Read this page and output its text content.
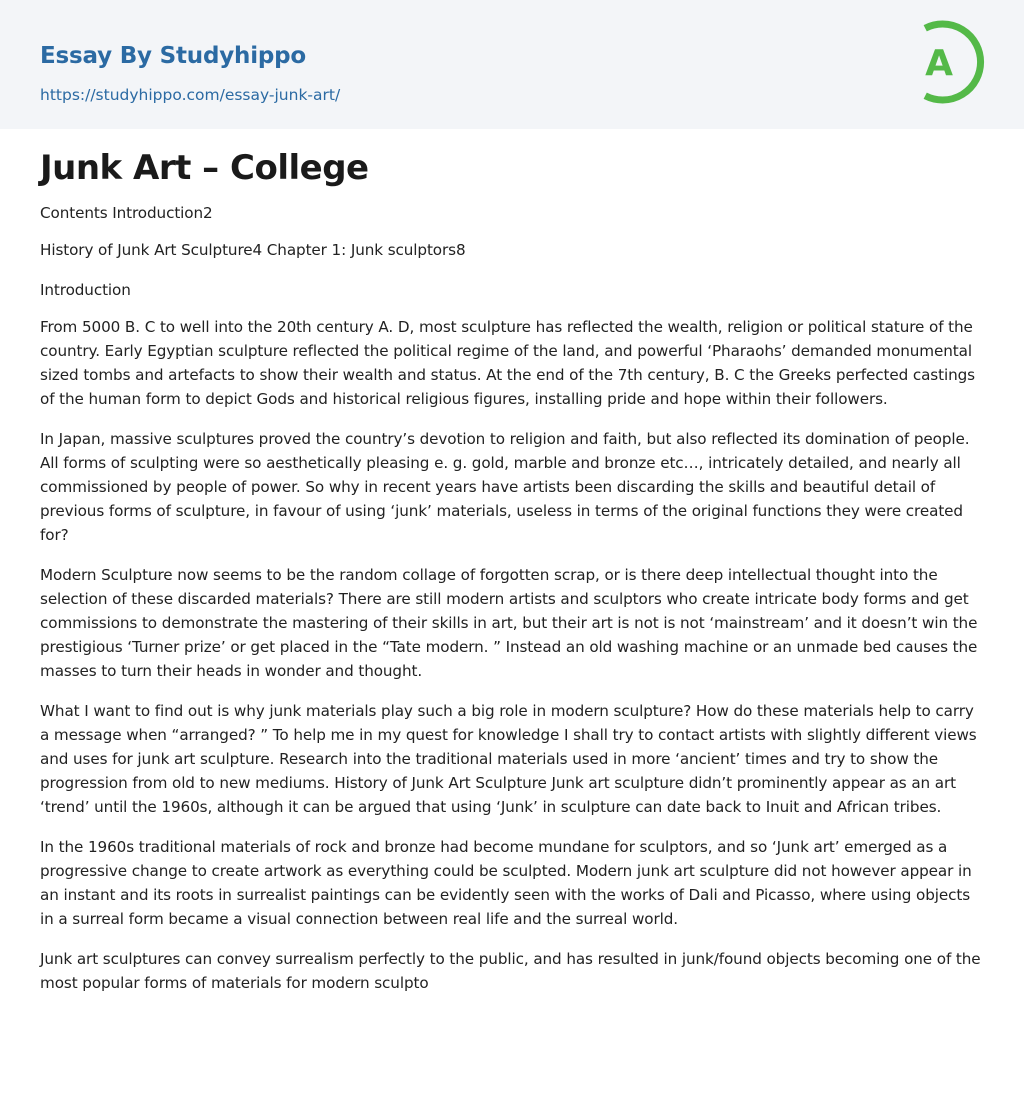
Essay By Studyhippo
https://studyhippo.com/essay-junk-art/
A
Junk Art – College

Contents Introduction2

History of Junk Art Sculpture4 Chapter 1: Junk sculptors8

Introduction

From 5000 B. C to well into the 20th century A. D, most sculpture has reflected the wealth, religion or political stature of the country. Early Egyptian sculpture reflected the political regime of the land, and powerful ‘Pharaohs’ demanded monumental sized tombs and artefacts to show their wealth and status. At the end of the 7th century, B. C the Greeks perfected castings of the human form to depict Gods and historical religious figures, installing pride and hope within their followers.

In Japan, massive sculptures proved the country’s devotion to religion and faith, but also reflected its domination of people. All forms of sculpting were so aesthetically pleasing e. g. gold, marble and bronze etc…, intricately detailed, and nearly all commissioned by people of power. So why in recent years have artists been discarding the skills and beautiful detail of previous forms of sculpture, in favour of using ‘junk’ materials, useless in terms of the original functions they were created for?

Modern Sculpture now seems to be the random collage of forgotten scrap, or is there deep intellectual thought into the selection of these discarded materials? There are still modern artists and sculptors who create intricate body forms and get commissions to demonstrate the mastering of their skills in art, but their art is not is not ‘mainstream’ and it doesn’t win the prestigious ‘Turner prize’ or get placed in the “Tate modern. ” Instead an old washing machine or an unmade bed causes the masses to turn their heads in wonder and thought.

What I want to find out is why junk materials play such a big role in modern sculpture? How do these materials help to carry a message when “arranged? ” To help me in my quest for knowledge I shall try to contact artists with slightly different views and uses for junk art sculpture. Research into the traditional materials used in more ‘ancient’ times and try to show the progression from old to new mediums. History of Junk Art Sculpture Junk art sculpture didn’t prominently appear as an art ‘trend’ until the 1960s, although it can be argued that using ‘Junk’ in sculpture can date back to Inuit and African tribes.

In the 1960s traditional materials of rock and bronze had become mundane for sculptors, and so ‘Junk art’ emerged as a progressive change to create artwork as everything could be sculpted. Modern junk art sculpture did not however appear in an instant and its roots in surrealist paintings can be evidently seen with the works of Dali and Picasso, where using objects in a surreal form became a visual connection between real life and the surreal world.

Junk art sculptures can convey surrealism perfectly to the public, and has resulted in junk/found objects becoming one of the most popular forms of materials for modern sculpto
